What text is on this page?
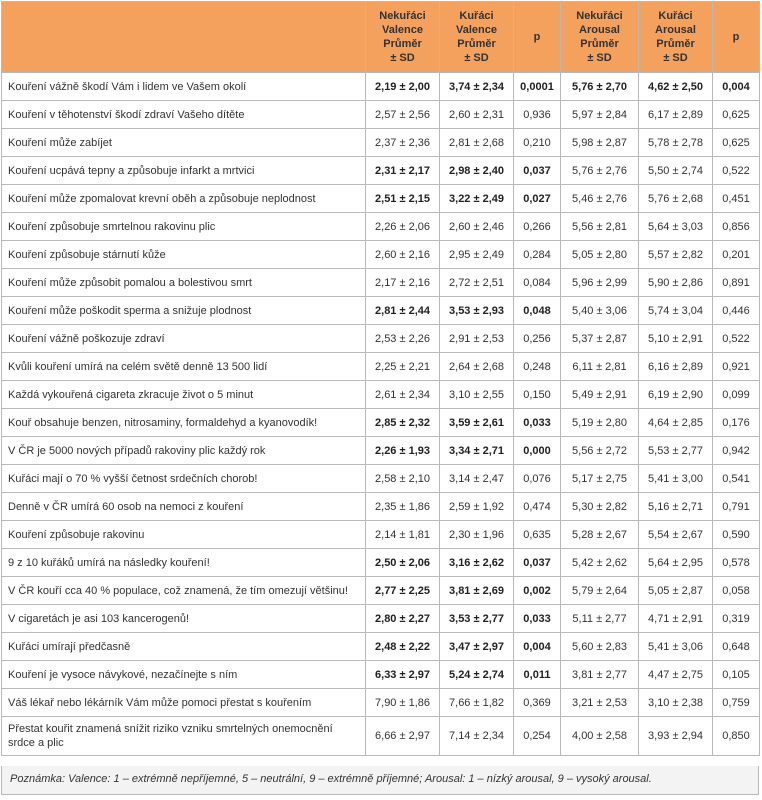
	Nekuřáci
Valence
Průměr
± SD	Kuřáci
Valence
Průměr
± SD	p	Nekuřáci
Arousal
Průměr
± SD	Kuřáci
Arousal
Průměr
± SD	p

Kouření vážně škodí Vám i lidem ve Vašem okolí	2,19 ± 2,00	3,74 ± 2,34	0,0001	5,76 ± 2,70	4,62 ± 2,50	0,004
Kouření v těhotenství škodí zdraví Vašeho dítěte	2,57 ± 2,56	2,60 ± 2,31	0,936	5,97 ± 2,84	6,17 ± 2,89	0,625
Kouření může zabíjet	2,37 ± 2,36	2,81 ± 2,68	0,210	5,98 ± 2,87	5,78 ± 2,78	0,625
Kouření ucpává tepny a způsobuje infarkt a mrtvici	2,31 ± 2,17	2,98 ± 2,40	0,037	5,76 ± 2,76	5,50 ± 2,74	0,522
Kouření může zpomalovat krevní oběh a způsobuje neplodnost	2,51 ± 2,15	3,22 ± 2,49	0,027	5,46 ± 2,76	5,76 ± 2,68	0,451
Kouření způsobuje smrtelnou rakovinu plic	2,26 ± 2,06	2,60 ± 2,46	0,266	5,56 ± 2,81	5,64 ± 3,03	0,856
Kouření způsobuje stárnutí kůže	2,60 ± 2,16	2,95 ± 2,49	0,284	5,05 ± 2,80	5,57 ± 2,82	0,201
Kouření může způsobit pomalou a bolestivou smrt	2,17 ± 2,16	2,72 ± 2,51	0,084	5,96 ± 2,99	5,90 ± 2,86	0,891
Kouření může poškodit sperma a snižuje plodnost	2,81 ± 2,44	3,53 ± 2,93	0,048	5,40 ± 3,06	5,74 ± 3,04	0,446
Kouření vážně poškozuje zdraví	2,53 ± 2,26	2,91 ± 2,53	0,256	5,37 ± 2,87	5,10 ± 2,91	0,522
Kvůli kouření umírá na celém světě denně 13 500 lidí	2,25 ± 2,21	2,64 ± 2,68	0,248	6,11 ± 2,81	6,16 ± 2,89	0,921
Každá vykouřená cigareta zkracuje život o 5 minut	2,61 ± 2,34	3,10 ± 2,55	0,150	5,49 ± 2,91	6,19 ± 2,90	0,099
Kouř obsahuje benzen, nitrosaminy, formaldehyd a kyanovodík!	2,85 ± 2,32	3,59 ± 2,61	0,033	5,19 ± 2,80	4,64 ± 2,85	0,176
V ČR je 5000 nových případů rakoviny plic každý rok	2,26 ± 1,93	3,34 ± 2,71	0,000	5,56 ± 2,72	5,53 ± 2,77	0,942
Kuřáci mají o 70 % vyšší četnost srdečních chorob!	2,58 ± 2,10	3,14 ± 2,47	0,076	5,17 ± 2,75	5,41 ± 3,00	0,541
Denně v ČR umírá 60 osob na nemoci z kouření	2,35 ± 1,86	2,59 ± 1,92	0,474	5,30 ± 2,82	5,16 ± 2,71	0,791
Kouření způsobuje rakovinu	2,14 ± 1,81	2,30 ± 1,96	0,635	5,28 ± 2,67	5,54 ± 2,67	0,590
9 z 10 kuřáků umírá na následky kouření!	2,50 ± 2,06	3,16 ± 2,62	0,037	5,42 ± 2,62	5,64 ± 2,95	0,578
V ČR kouří cca 40 % populace, což znamená, že tím omezují většinu!	2,77 ± 2,25	3,81 ± 2,69	0,002	5,79 ± 2,64	5,05 ± 2,87	0,058
V cigaretách je asi 103 kancerogenů!	2,80 ± 2,27	3,53 ± 2,77	0,033	5,11 ± 2,77	4,71 ± 2,91	0,319
Kuřáci umírají předčasně	2,48 ± 2,22	3,47 ± 2,97	0,004	5,60 ± 2,83	5,41 ± 3,06	0,648
Kouření je vysoce návykové, nezačínejte s ním	6,33 ± 2,97	5,24 ± 2,74	0,011	3,81 ± 2,77	4,47 ± 2,75	0,105
Váš lékař nebo lékárník Vám může pomoci přestat s kouřením	7,90 ± 1,86	7,66 ± 1,82	0,369	3,21 ± 2,53	3,10 ± 2,38	0,759
Přestat kouřit znamená snížit riziko vzniku smrtelných onemocnění srdce a plic	6,66 ± 2,97	7,14 ± 2,34	0,254	4,00 ± 2,58	3,93 ± 2,94	0,850
Poznámka: Valence: 1 – extrémně nepříjemné, 5 – neutrální, 9 – extrémně příjemné; Arousal: 1 – nízký arousal, 9 – vysoký arousal.
